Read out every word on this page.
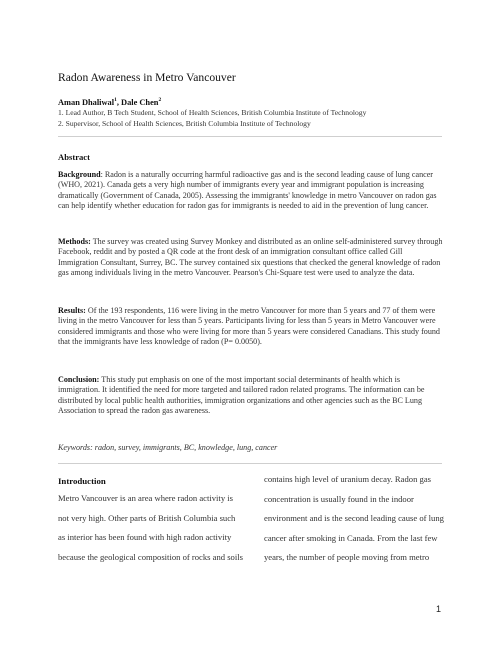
Radon Awareness in Metro Vancouver
Aman Dhaliwal$^1$, Dale Chen$^2$
1. Lead Author, B Tech Student, School of Health Sciences, British Columbia Institute of Technology
2. Supervisor, School of Health Sciences, British Columbia Institute of Technology
Abstract

Background: Radon is a naturally occurring harmful radioactive gas and is the second leading cause of lung cancer (WHO, 2021). Canada gets a very high number of immigrants every year and immigrant population is increasing dramatically (Government of Canada, 2005). Assessing the immigrants' knowledge in metro Vancouver on radon gas can help identify whether education for radon gas for immigrants is needed to aid in the prevention of lung cancer.

Methods: The survey was created using Survey Monkey and distributed as an online self-administered survey through Facebook, reddit and by posted a QR code at the front desk of an immigration consultant office called Gill Immigration Consultant, Surrey, BC. The survey contained six questions that checked the general knowledge of radon gas among individuals living in the metro Vancouver. Pearson's Chi-Square test were used to analyze the data.

Results: Of the 193 respondents, 116 were living in the metro Vancouver for more than 5 years and 77 of them were living in the metro Vancouver for less than 5 years. Participants living for less than 5 years in Metro Vancouver were considered immigrants and those who were living for more than 5 years were considered Canadians. This study found that the immigrants have less knowledge of radon (P= 0.0050).

Conclusion: This study put emphasis on one of the most important social determinants of health which is immigration. It identified the need for more targeted and tailored radon related programs. The information can be distributed by local public health authorities, immigration organizations and other agencies such as the BC Lung Association to spread the radon gas awareness.

Keywords: radon, survey, immigrants, BC, knowledge, lung, cancer
Introduction

Metro Vancouver is an area where radon activity is not very high. Other parts of British Columbia such as interior has been found with high radon activity because the geological composition of rocks and soils

contains high level of uranium decay. Radon gas concentration is usually found in the indoor environment and is the second leading cause of lung cancer after smoking in Canada. From the last few years, the number of people moving from metro

1
